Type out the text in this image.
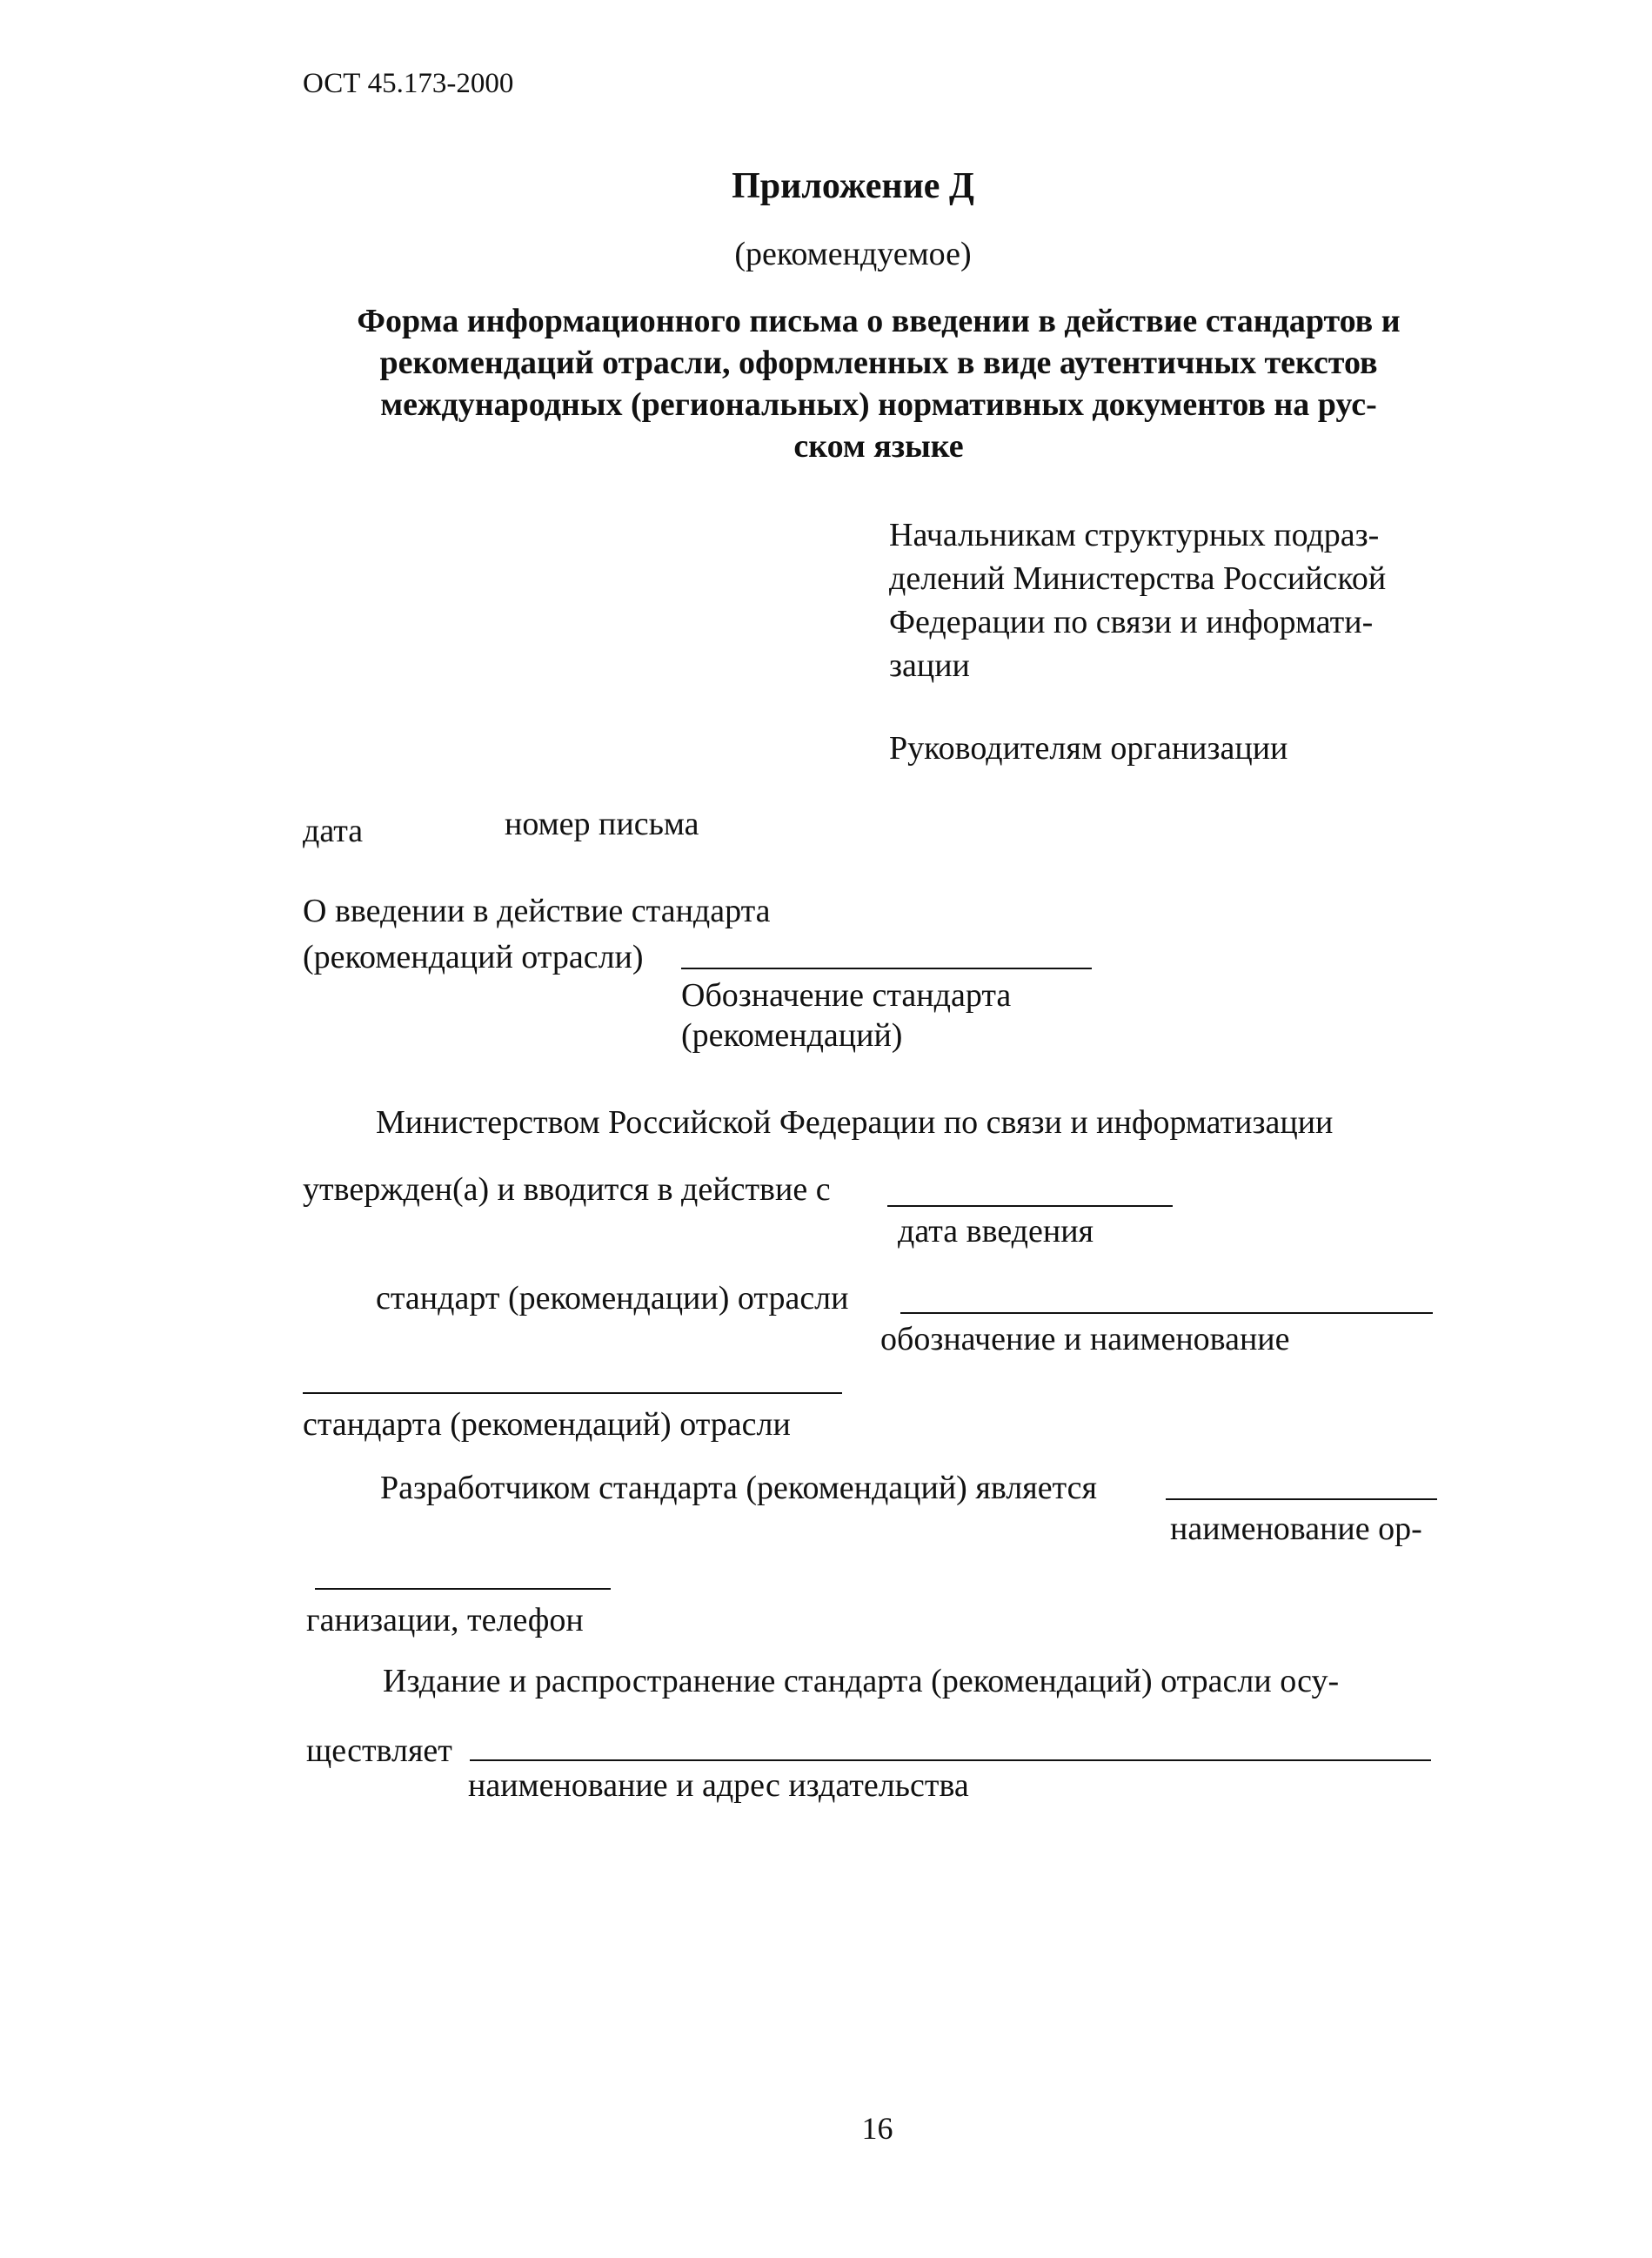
ОСТ 45.173-2000
Приложение Д
(рекомендуемое)
Форма информационного письма о введении в действие стандартов и
рекомендаций отрасли, оформленных в виде аутентичных текстов
международных (региональных) нормативных документов на рус-
ском языке
Начальникам структурных подраз-
делений Министерства Российской
Федерации по связи и информати-
зации
Руководителям организации
дата	номер письма
О введении в действие стандарта
(рекомендаций отрасли)
Обозначение стандарта
(рекомендаций)
Министерством Российской Федерации по связи и информатизации
утвержден(а) и вводится в действие с
дата введения
стандарт (рекомендации) отрасли
обозначение и наименование
стандарта (рекомендаций) отрасли
Разработчиком стандарта (рекомендаций) является
наименование ор-
ганизации, телефон
Издание и распространение стандарта (рекомендаций) отрасли осу-
ществляет
наименование и адрес издательства
16
